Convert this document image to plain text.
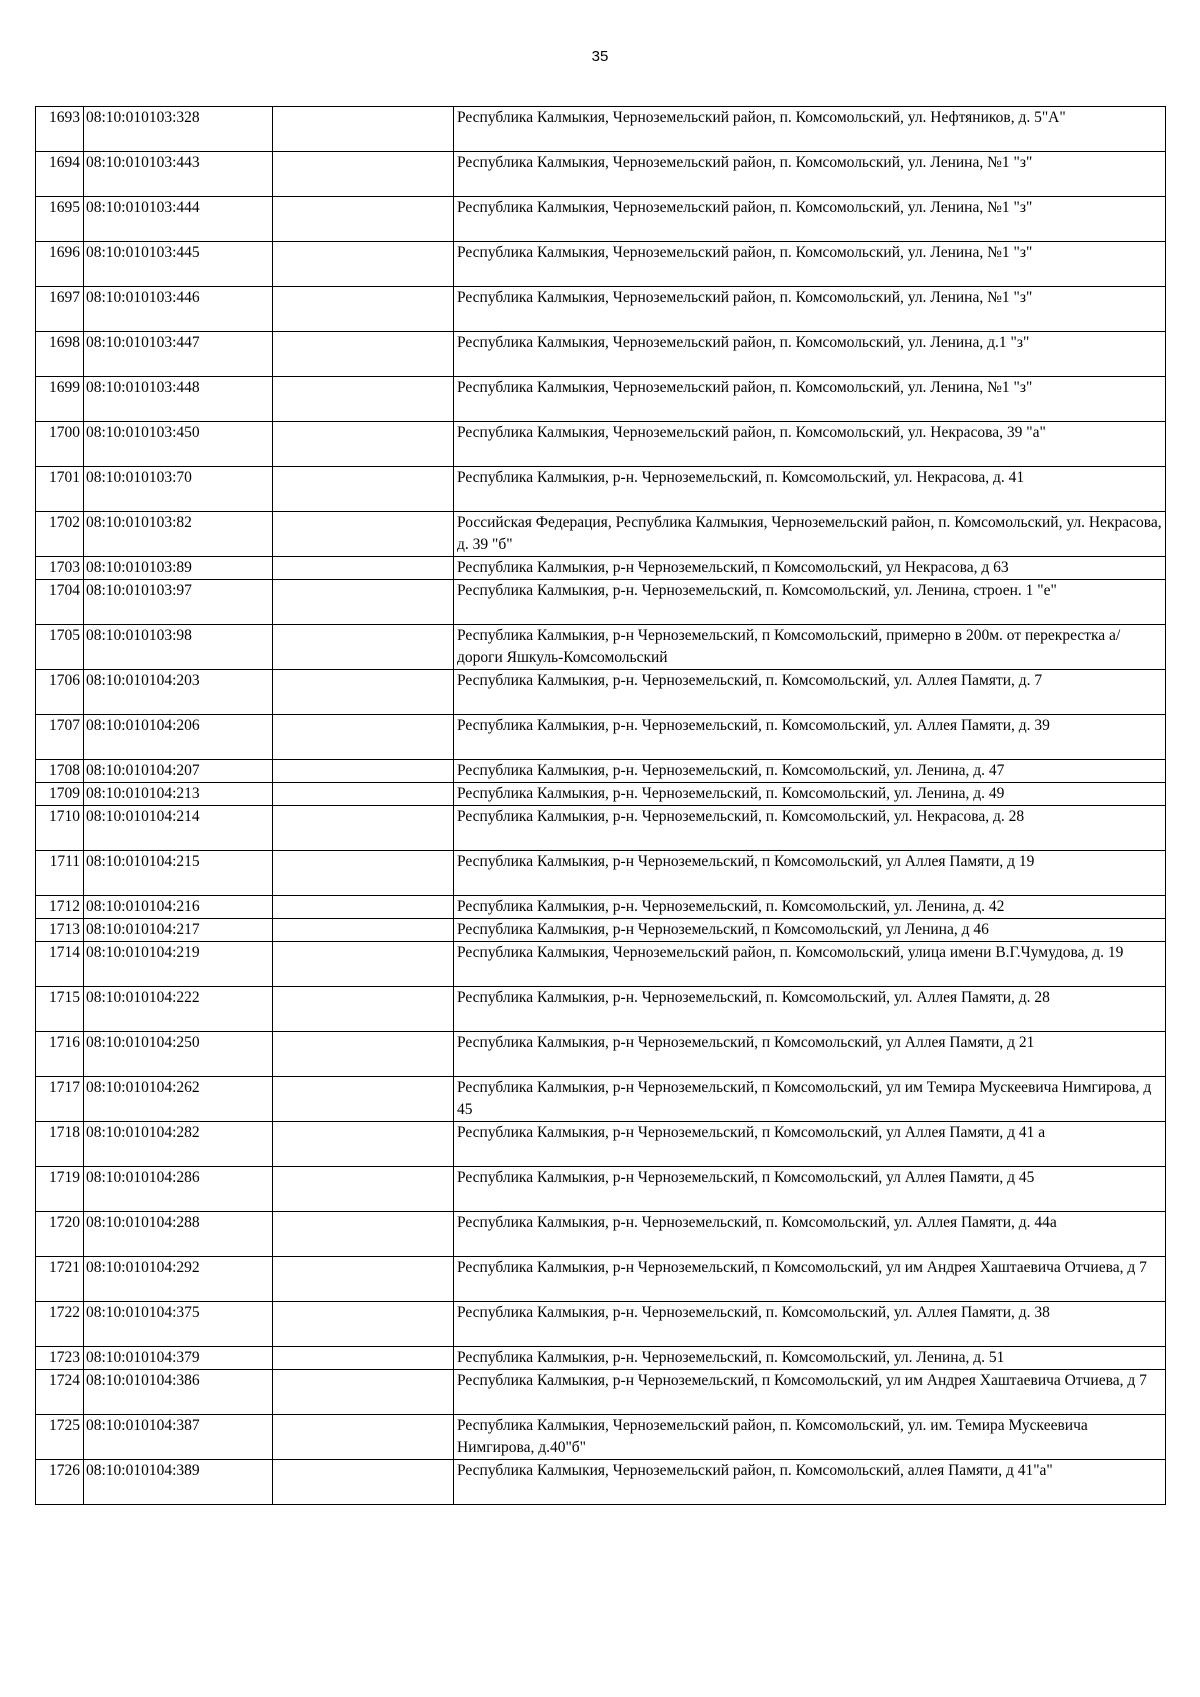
35
1693	08:10:010103:328		Республика Калмыкия, Черноземельский район, п. Комсомольский, ул. Нефтяников, д. 5"А"
1694	08:10:010103:443		Республика Калмыкия, Черноземельский район, п. Комсомольский, ул. Ленина, №1 "з"
1695	08:10:010103:444		Республика Калмыкия, Черноземельский район, п. Комсомольский, ул. Ленина, №1 "з"
1696	08:10:010103:445		Республика Калмыкия, Черноземельский район, п. Комсомольский, ул. Ленина, №1 "з"
1697	08:10:010103:446		Республика Калмыкия, Черноземельский район, п. Комсомольский, ул. Ленина, №1 "з"
1698	08:10:010103:447		Республика Калмыкия, Черноземельский район, п. Комсомольский, ул. Ленина, д.1 "з"
1699	08:10:010103:448		Республика Калмыкия, Черноземельский район, п. Комсомольский, ул. Ленина, №1 "з"
1700	08:10:010103:450		Республика Калмыкия, Черноземельский район, п. Комсомольский, ул. Некрасова, 39 "а"
1701	08:10:010103:70		Республика Калмыкия, р-н. Черноземельский, п. Комсомольский, ул. Некрасова, д. 41
1702	08:10:010103:82		Российская Федерация, Республика Калмыкия, Черноземельский район, п. Комсомольский, ул. Некрасова, д. 39 "б"
1703	08:10:010103:89		Республика Калмыкия, р-н Черноземельский, п Комсомольский, ул Некрасова, д 63
1704	08:10:010103:97		Республика Калмыкия, р-н. Черноземельский, п. Комсомольский, ул. Ленина, строен. 1 "е"
1705	08:10:010103:98		Республика Калмыкия, р-н Черноземельский, п Комсомольский, примерно в 200м. от перекрестка а/дороги Яшкуль-Комсомольский
1706	08:10:010104:203		Республика Калмыкия, р-н. Черноземельский, п. Комсомольский, ул. Аллея Памяти, д. 7
1707	08:10:010104:206		Республика Калмыкия, р-н. Черноземельский, п. Комсомольский, ул. Аллея Памяти, д. 39
1708	08:10:010104:207		Республика Калмыкия, р-н. Черноземельский, п. Комсомольский, ул. Ленина, д. 47
1709	08:10:010104:213		Республика Калмыкия, р-н. Черноземельский, п. Комсомольский, ул. Ленина, д. 49
1710	08:10:010104:214		Республика Калмыкия, р-н. Черноземельский, п. Комсомольский, ул. Некрасова, д. 28
1711	08:10:010104:215		Республика Калмыкия, р-н Черноземельский, п Комсомольский, ул Аллея Памяти, д 19
1712	08:10:010104:216		Республика Калмыкия, р-н. Черноземельский, п. Комсомольский, ул. Ленина, д. 42
1713	08:10:010104:217		Республика Калмыкия, р-н Черноземельский, п Комсомольский, ул Ленина, д 46
1714	08:10:010104:219		Республика Калмыкия, Черноземельский район, п. Комсомольский, улица имени В.Г.Чумудова, д. 19
1715	08:10:010104:222		Республика Калмыкия, р-н. Черноземельский, п. Комсомольский, ул. Аллея Памяти, д. 28
1716	08:10:010104:250		Республика Калмыкия, р-н Черноземельский, п Комсомольский, ул Аллея Памяти, д 21
1717	08:10:010104:262		Республика Калмыкия, р-н Черноземельский, п Комсомольский, ул им Темира Мускеевича Нимгирова, д 45
1718	08:10:010104:282		Республика Калмыкия, р-н Черноземельский, п Комсомольский, ул Аллея Памяти, д 41 а
1719	08:10:010104:286		Республика Калмыкия, р-н Черноземельский, п Комсомольский, ул Аллея Памяти, д 45
1720	08:10:010104:288		Республика Калмыкия, р-н. Черноземельский, п. Комсомольский, ул. Аллея Памяти, д. 44а
1721	08:10:010104:292		Республика Калмыкия, р-н Черноземельский, п Комсомольский, ул им Андрея Хаштаевича Отчиева, д 7
1722	08:10:010104:375		Республика Калмыкия, р-н. Черноземельский, п. Комсомольский, ул. Аллея Памяти, д. 38
1723	08:10:010104:379		Республика Калмыкия, р-н. Черноземельский, п. Комсомольский, ул. Ленина, д. 51
1724	08:10:010104:386		Республика Калмыкия, р-н Черноземельский, п Комсомольский, ул им Андрея Хаштаевича Отчиева, д 7
1725	08:10:010104:387		Республика Калмыкия, Черноземельский район, п. Комсомольский, ул. им. Темира Мускеевича Нимгирова, д.40"б"
1726	08:10:010104:389		Республика Калмыкия, Черноземельский район, п. Комсомольский, аллея Памяти, д 41"а"
